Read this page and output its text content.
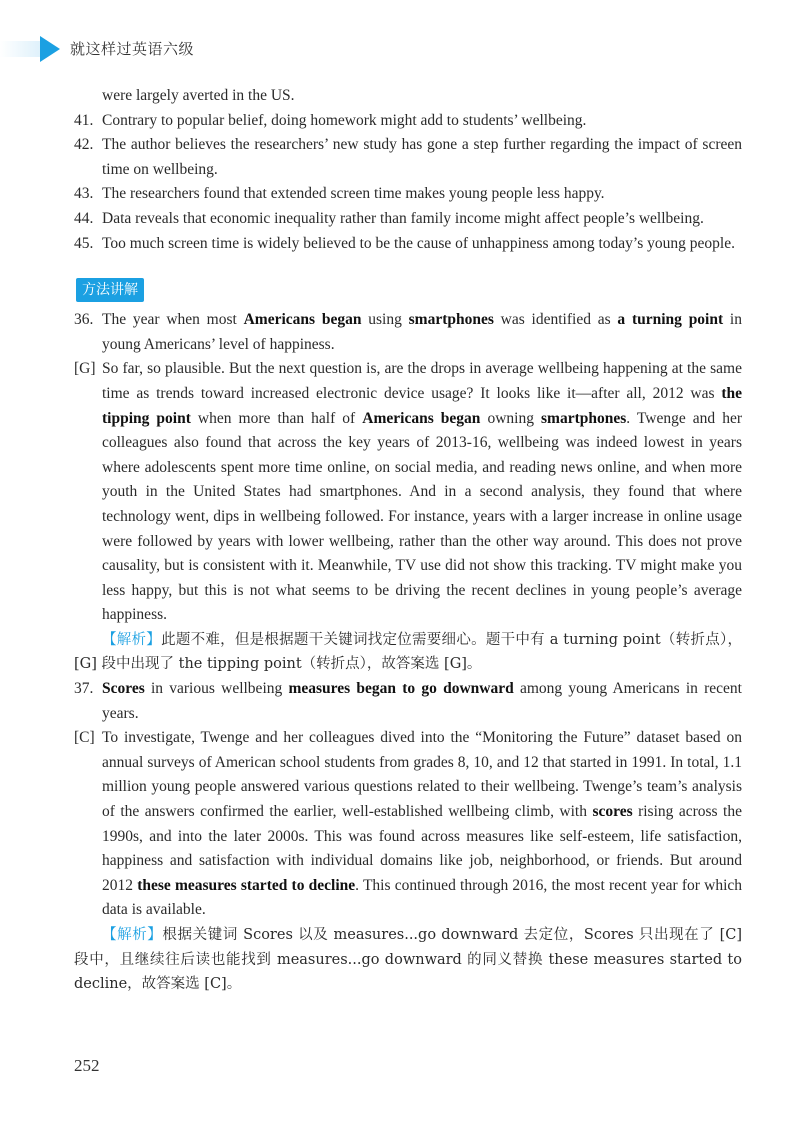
就这样过英语六级

were largely averted in the US.

41. Contrary to popular belief, doing homework might add to students’ wellbeing.

42. The author believes the researchers’ new study has gone a step further regarding the impact of screen time on wellbeing.

43. The researchers found that extended screen time makes young people less happy.

44. Data reveals that economic inequality rather than family income might affect people’s wellbeing.

45. Too much screen time is widely believed to be the cause of unhappiness among today’s young people.

方法讲解

36. The year when most Americans began using smartphones was identified as a turning point in young Americans’ level of happiness.

[G] So far, so plausible. But the next question is, are the drops in average wellbeing happening at the same time as trends toward increased electronic device usage? It looks like it—after all, 2012 was the tipping point when more than half of Americans began owning smartphones. Twenge and her colleagues also found that across the key years of 2013-16, wellbeing was indeed lowest in years where adolescents spent more time online, on social media, and reading news online, and when more youth in the United States had smartphones. And in a second analysis, they found that where technology went, dips in wellbeing followed. For instance, years with a larger increase in online usage were followed by years with lower wellbeing, rather than the other way around. This does not prove causality, but is consistent with it. Meanwhile, TV use did not show this tracking. TV might make you less happy, but this is not what seems to be driving the recent declines in young people’s average happiness.

【解析】此题不难，但是根据题干关键词找定位需要细心。题干中有 a turning point（转折点），[G] 段中出现了 the tipping point（转折点），故答案选 [G]。

37. Scores in various wellbeing measures began to go downward among young Americans in recent years.

[C] To investigate, Twenge and her colleagues dived into the “Monitoring the Future” dataset based on annual surveys of American school students from grades 8, 10, and 12 that started in 1991. In total, 1.1 million young people answered various questions related to their wellbeing. Twenge’s team’s analysis of the answers confirmed the earlier, well-established wellbeing climb, with scores rising across the 1990s, and into the later 2000s. This was found across measures like self-esteem, life satisfaction, happiness and satisfaction with individual domains like job, neighborhood, or friends. But around 2012 these measures started to decline. This continued through 2016, the most recent year for which data is available.

【解析】根据关键词 Scores 以及 measures...go downward 去定位，Scores 只出现在了 [C] 段中，且继续往后读也能找到 measures...go downward 的同义替换 these measures started to decline，故答案选 [C]。

252
